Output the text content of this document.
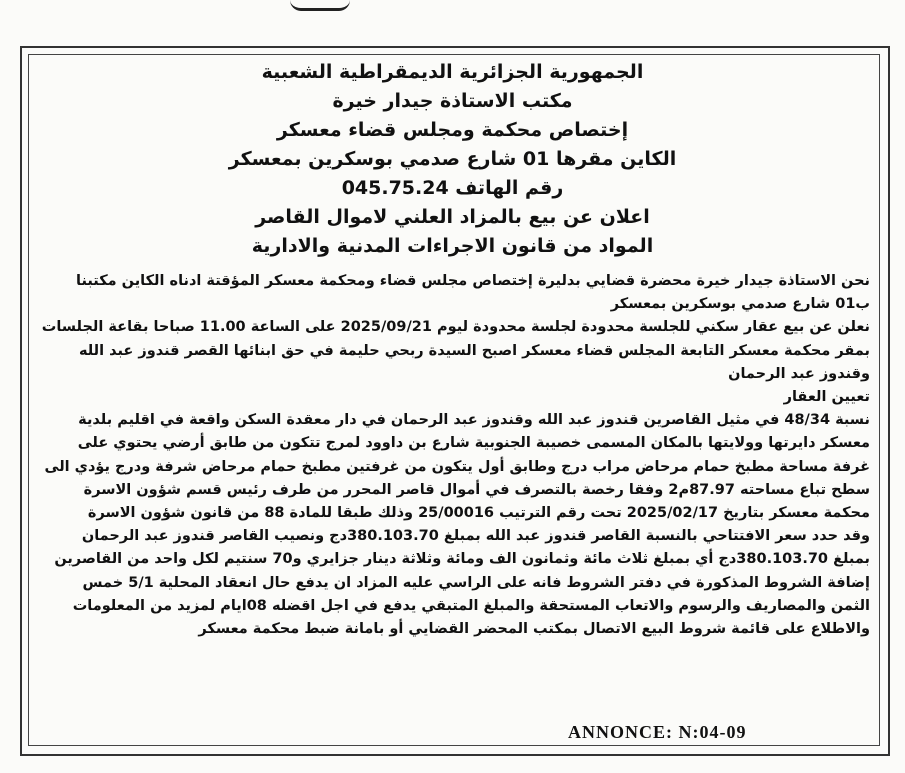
الجمهورية الجزائرية الديمقراطية الشعبية
مكتب الاستاذة جيدار خيرة
إختصاص محكمة ومجلس قضاء معسكر
الكاين مقرها 01 شارع صدمي بوسكرين بمعسكر
رقم الهاتف 045.75.24
اعلان عن بيع بالمزاد العلني لاموال القاصر
المواد من قانون الاجراءات المدنية والادارية

نحن الاستاذة جيدار خيرة محضرة قضايي بدليرة إختصاص مجلس قضاء ومحكمة معسكر المؤقتة ادناه الكاين مكتبنا ب01 شارع صدمي بوسكرين بمعسكر

نعلن عن بيع عقار سكني للجلسة محدودة لجلسة محدودة ليوم 2025/09/21 على الساعة 11.00 صباحا بقاعة الجلسات بمقر محكمة معسكر التابعة المجلس قضاء معسكر اصبح السيدة ربحي حليمة في حق ابنائها القصر قندوز عبد الله وقندوز عبد الرحمان

تعيين العقار

نسبة 48/34 في مثيل القاصرين قندوز عبد الله وقندوز عبد الرحمان في دار معقدة السكن واقعة في اقليم بلدية معسكر دايرتها وولايتها بالمكان المسمى خصيبة الجنوبية شارع بن داوود لمرج تتكون من طابق أرضي يحتوي على غرفة مساحة مطبخ حمام مرحاض مراب درج وطابق أول يتكون من غرفتين مطبخ حمام مرحاض شرفة ودرج يؤدي الى سطح تباع مساحته 87.97م2 وفقا رخصة بالتصرف في أموال قاصر المحرر من طرف رئيس قسم شؤون الاسرة محكمة معسكر بتاريخ 2025/02/17 تحت رقم الترتيب 25/00016 وذلك طبقا للمادة 88 من قانون شؤون الاسرة

وقد حدد سعر الافتتاحي بالنسبة القاصر قندوز عبد الله بمبلغ 380.103.70دج ونصيب القاصر قندوز عبد الرحمان بمبلغ 380.103.70دج أي بمبلغ ثلاث مائة وثمانون الف ومائة وثلاثة دينار جزايري و70 سنتيم لكل واحد من القاصرين إضافة الشروط المذكورة في دفتر الشروط فانه على الراسي عليه المزاد ان يدفع حال انعقاد المحلية 5/1 خمس الثمن والمصاريف والرسوم والاتعاب المستحقة والمبلغ المتبقي يدفع في اجل اقضله 08ايام لمزيد من المعلومات والاطلاع على قائمة شروط البيع الاتصال بمكتب المحضر القضايي أو بامانة ضبط محكمة معسكر

ANNONCE: N:04-09
